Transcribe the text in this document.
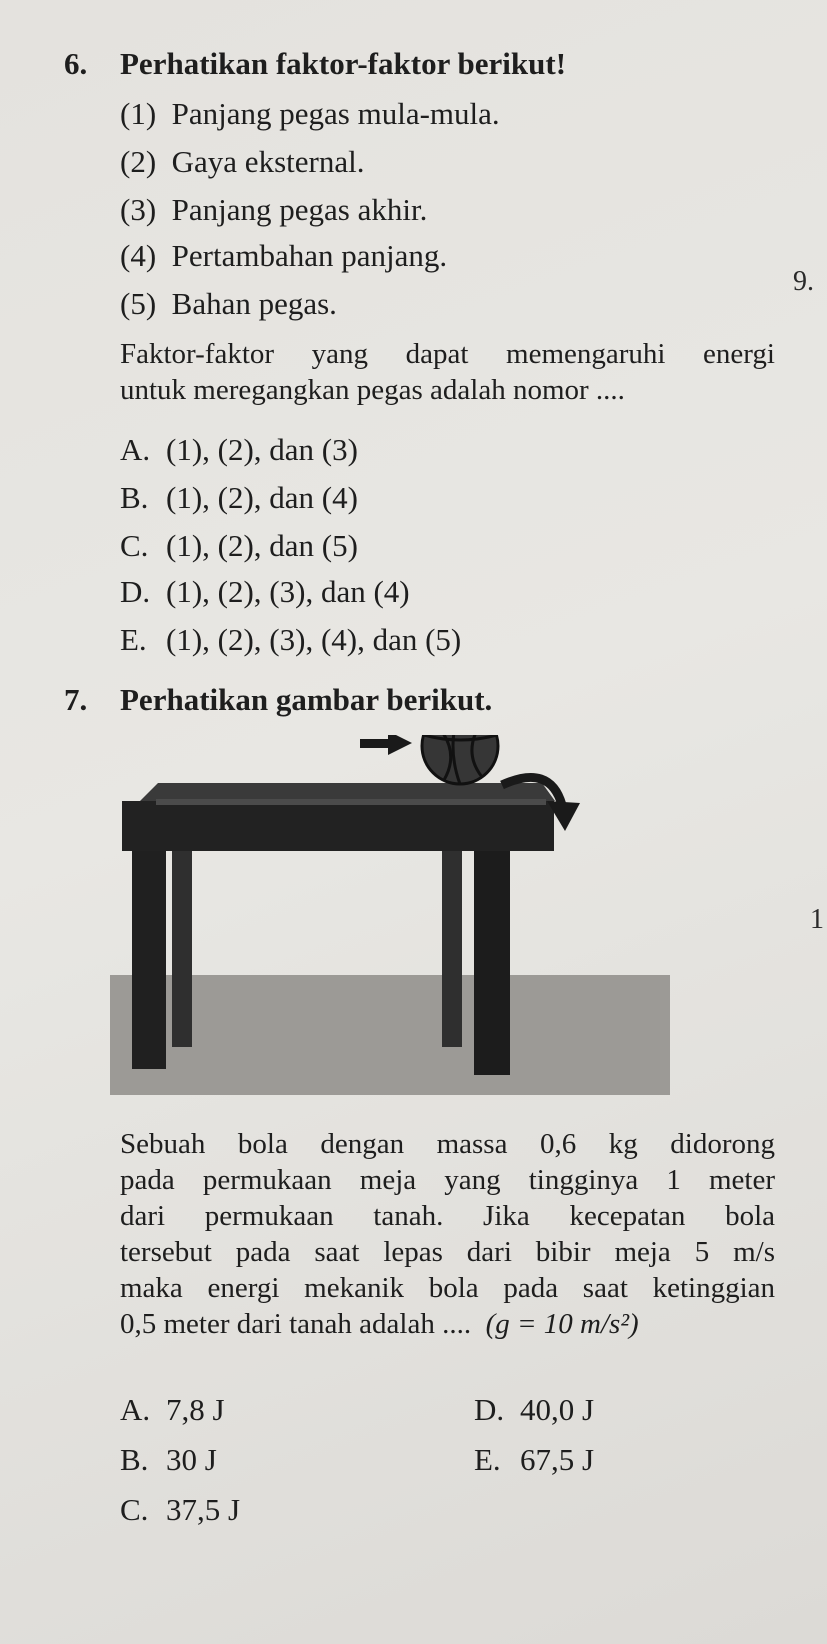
6. Perhatikan faktor-faktor berikut!
(1) Panjang pegas mula-mula.
(2) Gaya eksternal.
(3) Panjang pegas akhir.
(4) Pertambahan panjang.
(5) Bahan pegas.
9.
Faktor-faktor yang dapat memengaruhi energi
untuk meregangkan pegas adalah nomor ....
A. (1), (2), dan (3)
B. (1), (2), dan (4)
C. (1), (2), dan (5)
D. (1), (2), (3), dan (4)
E. (1), (2), (3), (4), dan (5)
7. Perhatikan gambar berikut.
1
Sebuah bola dengan massa 0,6 kg didorong
pada permukaan meja yang tingginya 1 meter
dari permukaan tanah. Jika kecepatan bola
tersebut pada saat lepas dari bibir meja 5 m/s
maka energi mekanik bola pada saat ketinggian
0,5 meter dari tanah adalah .... (g = 10 m/s²)
A. 7,8 J	D. 40,0 J
B. 30 J	E. 67,5 J
C. 37,5 J
